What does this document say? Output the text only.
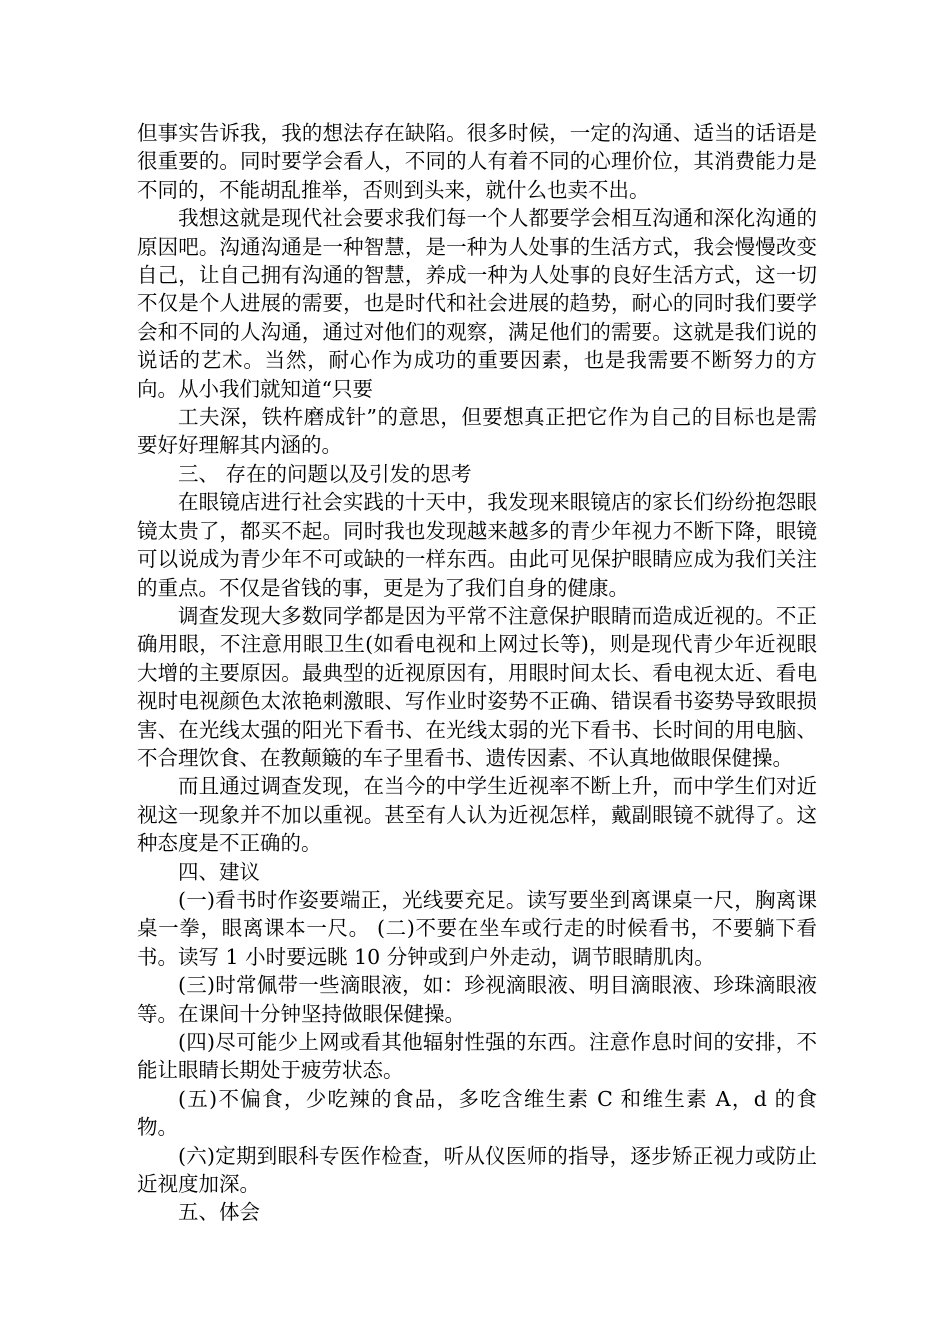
但事实告诉我，我的想法存在缺陷。很多时候，一定的沟通、适当的话语是很重要的。同时要学会看人，不同的人有着不同的心理价位，其消费能力是不同的，不能胡乱推举，否则到头来，就什么也卖不出。

我想这就是现代社会要求我们每一个人都要学会相互沟通和深化沟通的原因吧。沟通沟通是一种智慧，是一种为人处事的生活方式，我会慢慢改变自己，让自己拥有沟通的智慧，养成一种为人处事的良好生活方式，这一切不仅是个人进展的需要，也是时代和社会进展的趋势，耐心的同时我们要学会和不同的人沟通，通过对他们的观察，满足他们的需要。这就是我们说的说话的艺术。当然，耐心作为成功的重要因素，也是我需要不断努力的方向。从小我们就知道“只要

工夫深，铁杵磨成针”的意思，但要想真正把它作为自己的目标也是需要好好理解其内涵的。

三、 存在的问题以及引发的思考

在眼镜店进行社会实践的十天中，我发现来眼镜店的家长们纷纷抱怨眼镜太贵了，都买不起。同时我也发现越来越多的青少年视力不断下降，眼镜可以说成为青少年不可或缺的一样东西。由此可见保护眼睛应成为我们关注的重点。不仅是省钱的事，更是为了我们自身的健康。

调查发现大多数同学都是因为平常不注意保护眼睛而造成近视的。不正确用眼，不注意用眼卫生(如看电视和上网过长等)，则是现代青少年近视眼大增的主要原因。最典型的近视原因有，用眼时间太长、看电视太近、看电视时电视颜色太浓艳刺激眼、写作业时姿势不正确、错误看书姿势导致眼损害、在光线太强的阳光下看书、在光线太弱的光下看书、长时间的用电脑、不合理饮食、在教颠簸的车子里看书、遗传因素、不认真地做眼保健操。

而且通过调查发现，在当今的中学生近视率不断上升，而中学生们对近视这一现象并不加以重视。甚至有人认为近视怎样，戴副眼镜不就得了。这种态度是不正确的。

四、建议

(一)看书时作姿要端正，光线要充足。读写要坐到离课桌一尺，胸离课桌一拳，眼离课本一尺。 (二)不要在坐车或行走的时候看书，不要躺下看书。读写 1 小时要远眺 10 分钟或到户外走动，调节眼睛肌肉。

(三)时常佩带一些滴眼液，如：珍视滴眼液、明目滴眼液、珍珠滴眼液等。在课间十分钟坚持做眼保健操。

(四)尽可能少上网或看其他辐射性强的东西。注意作息时间的安排，不能让眼睛长期处于疲劳状态。

(五)不偏食，少吃辣的食品，多吃含维生素 C 和维生素 A，d 的食物。

(六)定期到眼科专医作检查，听从仪医师的指导，逐步矫正视力或防止近视度加深。

五、体会
